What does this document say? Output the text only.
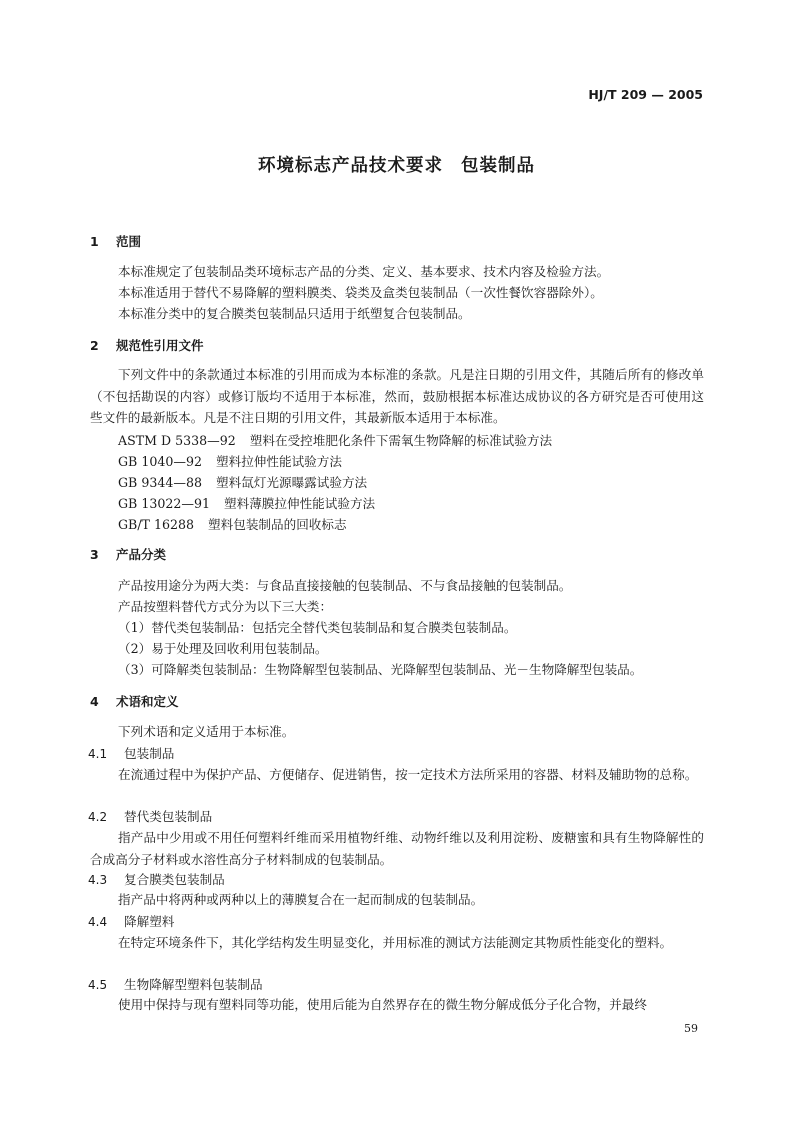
HJ/T 209 — 2005
环境标志产品技术要求 包装制品
1 范围
本标准规定了包装制品类环境标志产品的分类、定义、基本要求、技术内容及检验方法。
本标准适用于替代不易降解的塑料膜类、袋类及盒类包装制品（一次性餐饮容器除外）。
本标准分类中的复合膜类包装制品只适用于纸塑复合包装制品。
2 规范性引用文件
下列文件中的条款通过本标准的引用而成为本标准的条款。凡是注日期的引用文件，其随后所有的修改单（不包括勘误的内容）或修订版均不适用于本标准，然而，鼓励根据本标准达成协议的各方研究是否可使用这些文件的最新版本。凡是不注日期的引用文件，其最新版本适用于本标准。
ASTM D 5338—92 塑料在受控堆肥化条件下需氧生物降解的标准试验方法
GB 1040—92 塑料拉伸性能试验方法
GB 9344—88 塑料氙灯光源曝露试验方法
GB 13022—91 塑料薄膜拉伸性能试验方法
GB/T 16288 塑料包装制品的回收标志
3 产品分类
产品按用途分为两大类：与食品直接接触的包装制品、不与食品接触的包装制品。
产品按塑料替代方式分为以下三大类：
（1）替代类包装制品：包括完全替代类包装制品和复合膜类包装制品。
（2）易于处理及回收利用包装制品。
（3）可降解类包装制品：生物降解型包装制品、光降解型包装制品、光－生物降解型包装品。
4 术语和定义
下列术语和定义适用于本标准。
4.1 包装制品
在流通过程中为保护产品、方便储存、促进销售，按一定技术方法所采用的容器、材料及辅助物的总称。
4.2 替代类包装制品
指产品中少用或不用任何塑料纤维而采用植物纤维、动物纤维以及利用淀粉、废糖蜜和具有生物降解性的合成高分子材料或水溶性高分子材料制成的包装制品。
4.3 复合膜类包装制品
指产品中将两种或两种以上的薄膜复合在一起而制成的包装制品。
4.4 降解塑料
在特定环境条件下，其化学结构发生明显变化，并用标准的测试方法能测定其物质性能变化的塑料。
4.5 生物降解型塑料包装制品
使用中保持与现有塑料同等功能，使用后能为自然界存在的微生物分解成低分子化合物，并最终
59
